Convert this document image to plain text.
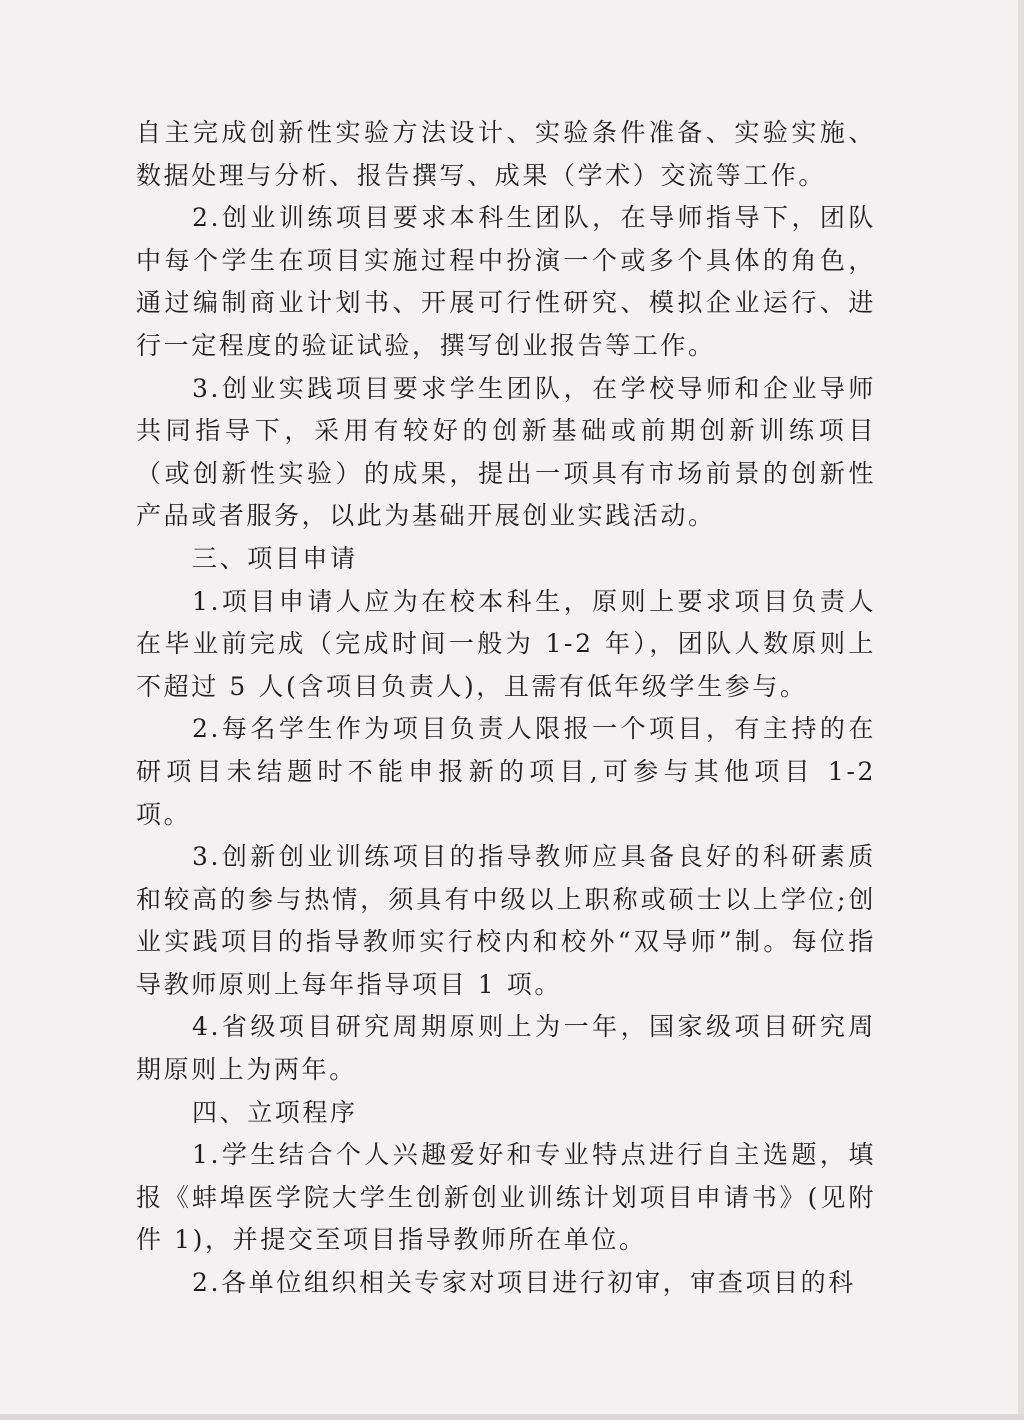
自主完成创新性实验方法设计、实验条件准备、实验实施、数据处理与分析、报告撰写、成果（学术）交流等工作。

2.创业训练项目要求本科生团队，在导师指导下，团队中每个学生在项目实施过程中扮演一个或多个具体的角色，通过编制商业计划书、开展可行性研究、模拟企业运行、进行一定程度的验证试验，撰写创业报告等工作。

3.创业实践项目要求学生团队，在学校导师和企业导师共同指导下，采用有较好的创新基础或前期创新训练项目（或创新性实验）的成果，提出一项具有市场前景的创新性产品或者服务，以此为基础开展创业实践活动。

三、项目申请

1.项目申请人应为在校本科生，原则上要求项目负责人在毕业前完成（完成时间一般为 1-2 年），团队人数原则上不超过 5 人(含项目负责人)，且需有低年级学生参与。

2.每名学生作为项目负责人限报一个项目，有主持的在研项目未结题时不能申报新的项目,可参与其他项目 1-2 项。

3.创新创业训练项目的指导教师应具备良好的科研素质和较高的参与热情，须具有中级以上职称或硕士以上学位;创业实践项目的指导教师实行校内和校外“双导师”制。每位指导教师原则上每年指导项目 1 项。

4.省级项目研究周期原则上为一年，国家级项目研究周期原则上为两年。

四、立项程序

1.学生结合个人兴趣爱好和专业特点进行自主选题，填报《蚌埠医学院大学生创新创业训练计划项目申请书》(见附件 1)，并提交至项目指导教师所在单位。

2.各单位组织相关专家对项目进行初审，审查项目的科
